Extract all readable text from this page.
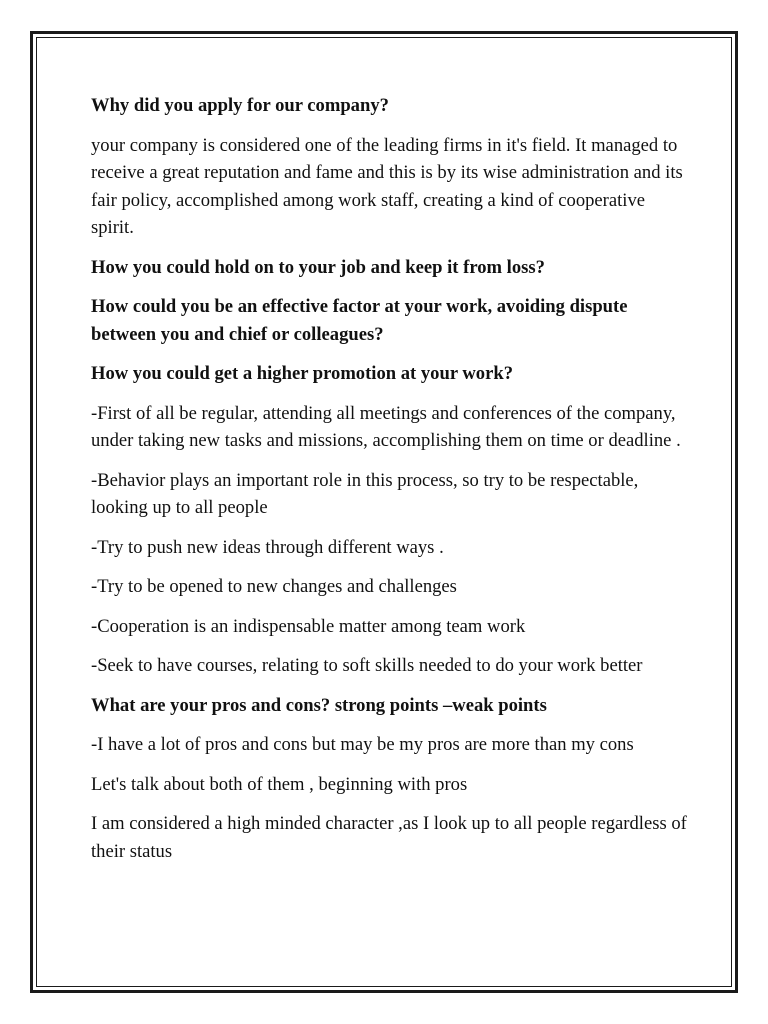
Why did you apply for our company?

your company is considered one of the leading firms in it's field. It managed to receive a great reputation and fame and this is by its wise administration and its fair policy, accomplished among work staff, creating a kind of cooperative spirit.

How you could hold on to your job and keep it from loss?

How could you be an effective factor at your work, avoiding dispute between you and chief or colleagues?

How you could get a higher promotion at your work?

-First of all be regular, attending all meetings and conferences of the company, under taking new tasks and missions, accomplishing them on time or deadline .

-Behavior plays an important role in this process, so try to be respectable, looking up to all people

-Try to push new ideas through different ways .

-Try to be opened to new changes and challenges

-Cooperation is an indispensable matter among team work

-Seek to have courses, relating to soft skills needed to do your work better

What are your pros and cons? strong points –weak points

-I have a lot of pros and cons but may be my pros are more than my cons

Let's talk about both of them , beginning with pros

I am considered a high minded character ,as I look up to all people regardless of their status
